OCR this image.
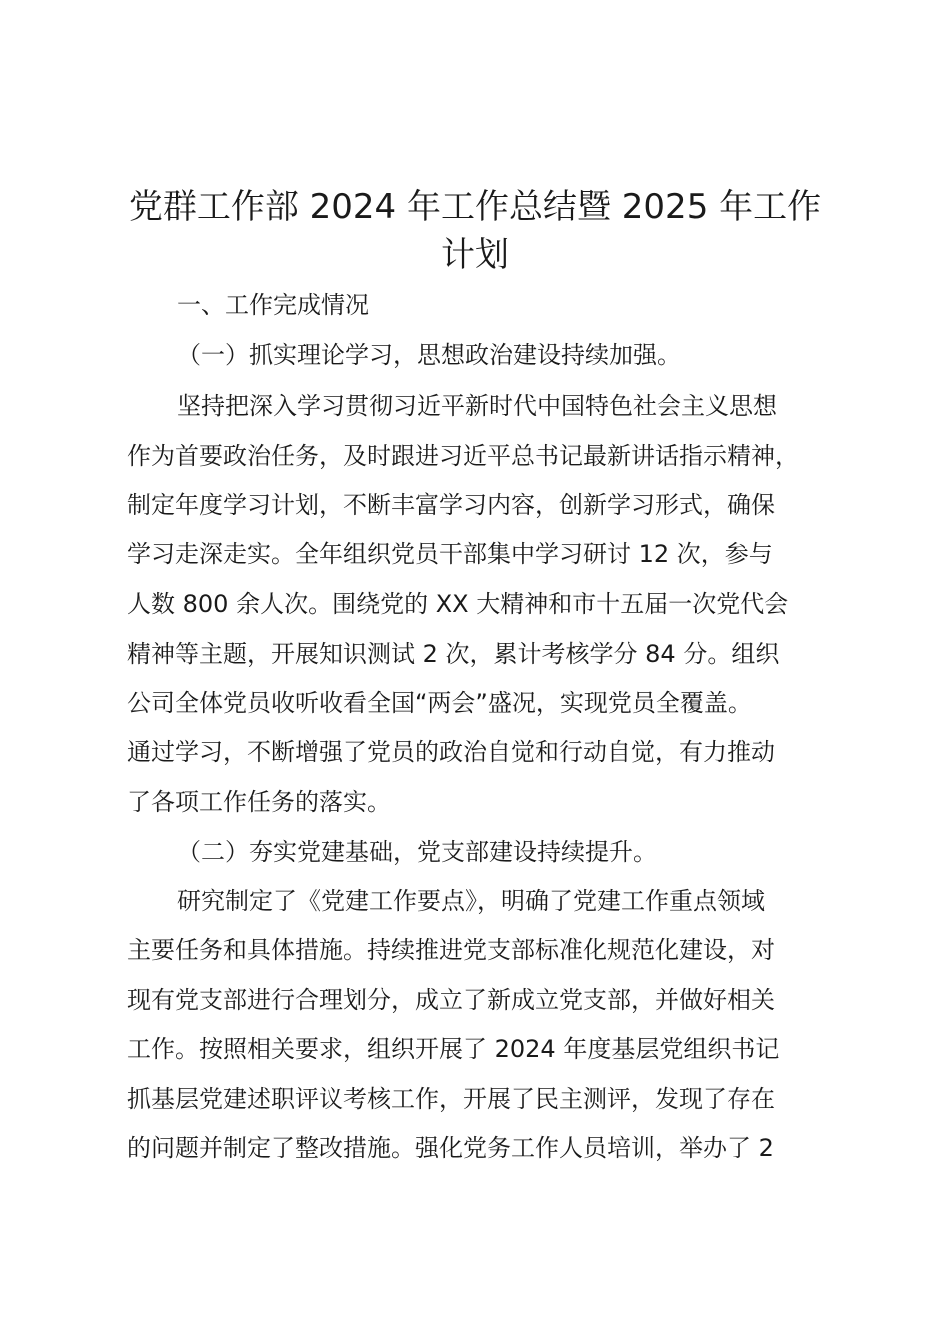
党群工作部 2024 年工作总结暨 2025 年工作
计划
一、工作完成情况
（一）抓实理论学习，思想政治建设持续加强。
坚持把深入学习贯彻习近平新时代中国特色社会主义思想
作为首要政治任务，及时跟进习近平总书记最新讲话指示精神，
制定年度学习计划，不断丰富学习内容，创新学习形式，确保
学习走深走实。全年组织党员干部集中学习研讨 12 次，参与
人数 800 余人次。围绕党的 XX 大精神和市十五届一次党代会
精神等主题，开展知识测试 2 次，累计考核学分 84 分。组织
公司全体党员收听收看全国“两会”盛况，实现党员全覆盖。
通过学习，不断增强了党员的政治自觉和行动自觉，有力推动
了各项工作任务的落实。
（二）夯实党建基础，党支部建设持续提升。
研究制定了《党建工作要点》，明确了党建工作重点领域
主要任务和具体措施。持续推进党支部标准化规范化建设，对
现有党支部进行合理划分，成立了新成立党支部，并做好相关
工作。按照相关要求，组织开展了 2024 年度基层党组织书记
抓基层党建述职评议考核工作，开展了民主测评，发现了存在
的问题并制定了整改措施。强化党务工作人员培训，举办了 2
